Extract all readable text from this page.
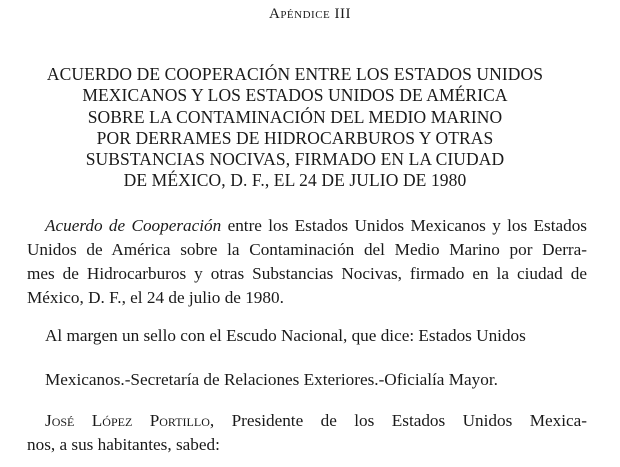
Apéndice III
ACUERDO DE COOPERACIÓN ENTRE LOS ESTADOS UNIDOS
MEXICANOS Y LOS ESTADOS UNIDOS DE AMÉRICA
SOBRE LA CONTAMINACIÓN DEL MEDIO MARINO
POR DERRAMES DE HIDROCARBUROS Y OTRAS
SUBSTANCIAS NOCIVAS, FIRMADO EN LA CIUDAD
DE MÉXICO, D. F., EL 24 DE JULIO DE 1980
Acuerdo de Cooperación entre los Estados Unidos Mexicanos y los Estados
Unidos de América sobre la Contaminación del Medio Marino por Derra-
mes de Hidrocarburos y otras Substancias Nocivas, firmado en la ciudad de
México, D. F., el 24 de julio de 1980.
Al margen un sello con el Escudo Nacional, que dice: Estados Unidos
Mexicanos.-Secretaría de Relaciones Exteriores.-Oficialía Mayor.
José López Portillo, Presidente de los Estados Unidos Mexica-
nos, a sus habitantes, sabed:
